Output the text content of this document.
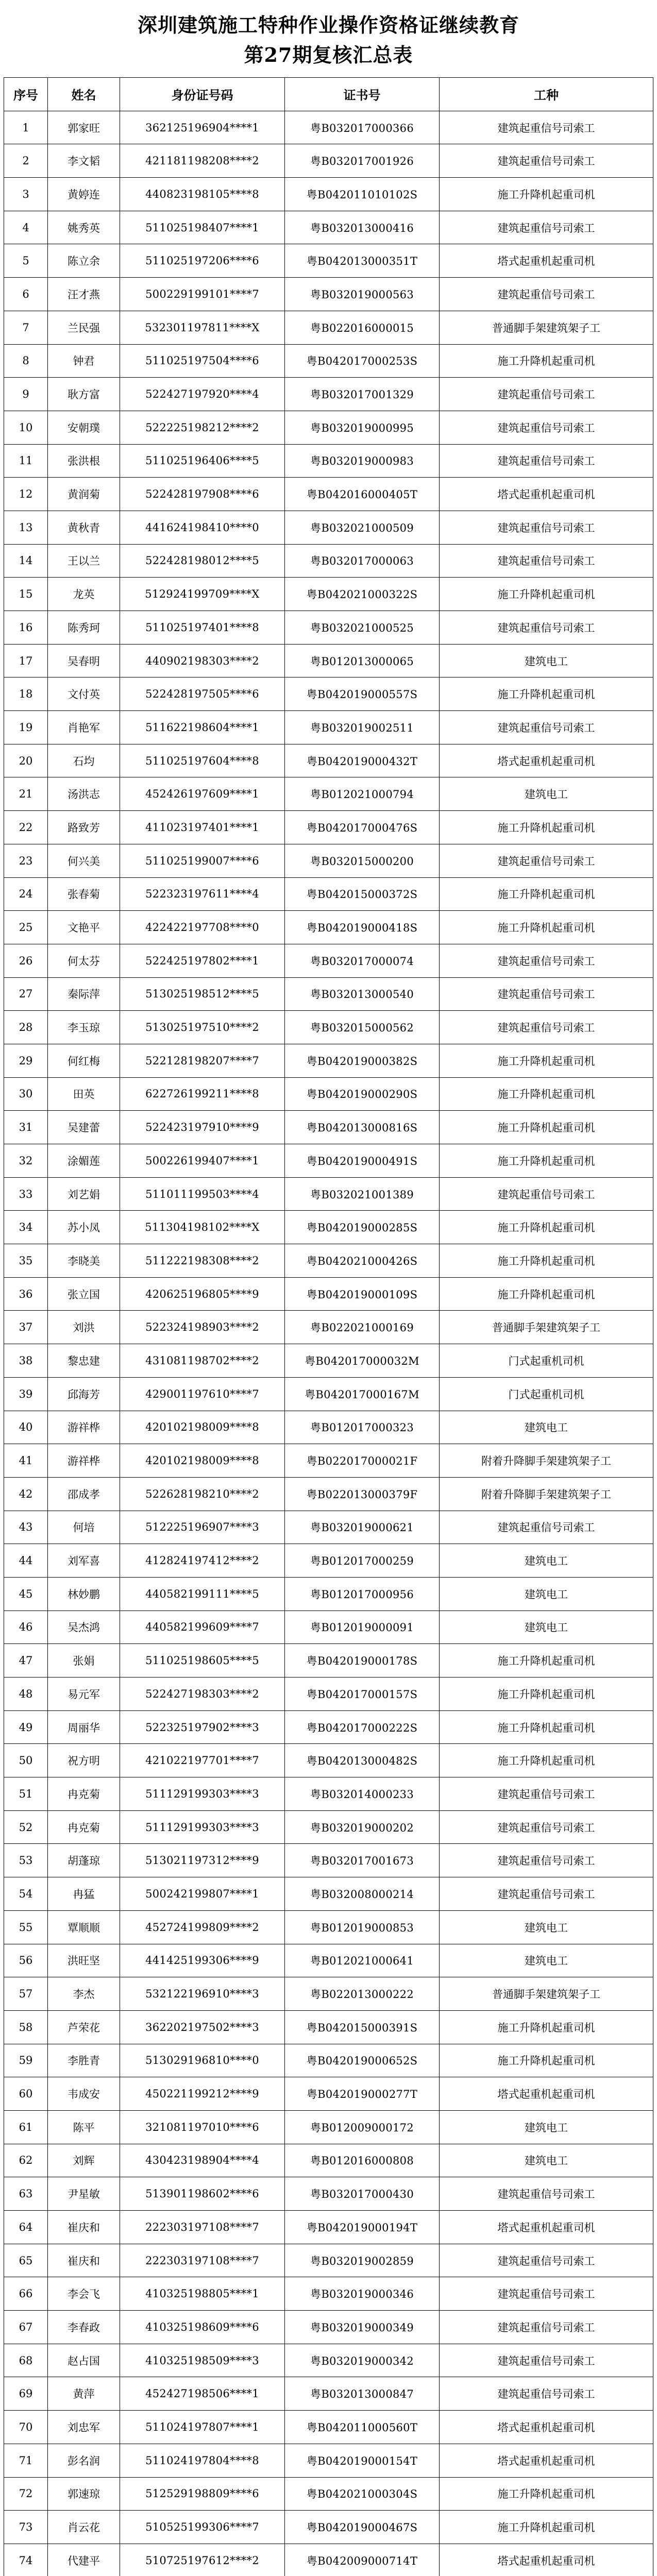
深圳建筑施工特种作业操作资格证继续教育
第27期复核汇总表
序号	姓名	身份证号码	证书号	工种
1	郭家旺	362125196904****1	粤B032017000366	建筑起重信号司索工
2	李文韬	421181198208****2	粤B032017001926	建筑起重信号司索工
3	黄婷连	440823198105****8	粤B042011010102S	施工升降机起重司机
4	姚秀英	511025198407****1	粤B032013000416	建筑起重信号司索工
5	陈立余	511025197206****6	粤B042013000351T	塔式起重机起重司机
6	汪才燕	500229199101****7	粤B032019000563	建筑起重信号司索工
7	兰民强	532301197811****X	粤B022016000015	普通脚手架建筑架子工
8	钟君	511025197504****6	粤B042017000253S	施工升降机起重司机
9	耿方富	522427197920****4	粤B032017001329	建筑起重信号司索工
10	安朝璞	522225198212****2	粤B032019000995	建筑起重信号司索工
11	张洪根	511025196406****5	粤B032019000983	建筑起重信号司索工
12	黄润菊	522428197908****6	粤B042016000405T	塔式起重机起重司机
13	黄秋青	441624198410****0	粤B032021000509	建筑起重信号司索工
14	王以兰	522428198012****5	粤B032017000063	建筑起重信号司索工
15	龙英	512924199709****X	粤B042021000322S	施工升降机起重司机
16	陈秀珂	511025197401****8	粤B032021000525	建筑起重信号司索工
17	吴春明	440902198303****2	粤B012013000065	建筑电工
18	文付英	522428197505****6	粤B042019000557S	施工升降机起重司机
19	肖艳军	511622198604****1	粤B032019002511	建筑起重信号司索工
20	石均	511025197604****8	粤B042019000432T	塔式起重机起重司机
21	汤洪志	452426197609****1	粤B012021000794	建筑电工
22	路致芳	411023197401****1	粤B042017000476S	施工升降机起重司机
23	何兴美	511025199007****6	粤B032015000200	建筑起重信号司索工
24	张春菊	522323197611****4	粤B042015000372S	施工升降机起重司机
25	文艳平	422422197708****0	粤B042019000418S	施工升降机起重司机
26	何太芬	522425197802****1	粤B032017000074	建筑起重信号司索工
27	秦际萍	513025198512****5	粤B032013000540	建筑起重信号司索工
28	李玉琼	513025197510****2	粤B032015000562	建筑起重信号司索工
29	何红梅	522128198207****7	粤B042019000382S	施工升降机起重司机
30	田英	622726199211****8	粤B042019000290S	施工升降机起重司机
31	吴建蕾	522423197910****9	粤B042013000816S	施工升降机起重司机
32	涂媚莲	500226199407****1	粤B042019000491S	施工升降机起重司机
33	刘艺娟	511011199503****4	粤B032021001389	建筑起重信号司索工
34	苏小凤	511304198102****X	粤B042019000285S	施工升降机起重司机
35	李晓美	511222198308****2	粤B042021000426S	施工升降机起重司机
36	张立国	420625196805****9	粤B042019000109S	施工升降机起重司机
37	刘洪	522324198903****2	粤B022021000169	普通脚手架建筑架子工
38	黎忠建	431081198702****2	粤B042017000032M	门式起重机司机
39	邱海芳	429001197610****7	粤B042017000167M	门式起重机司机
40	游祥桦	420102198009****8	粤B012017000323	建筑电工
41	游祥桦	420102198009****8	粤B022017000021F	附着升降脚手架建筑架子工
42	邵成孝	522628198210****2	粤B022013000379F	附着升降脚手架建筑架子工
43	何培	512225196907****3	粤B032019000621	建筑起重信号司索工
44	刘军喜	412824197412****2	粤B012017000259	建筑电工
45	林妙鹏	440582199111****5	粤B012017000956	建筑电工
46	吴杰鸿	440582199609****7	粤B012019000091	建筑电工
47	张娟	511025198605****5	粤B042019000178S	施工升降机起重司机
48	易元军	522427198303****2	粤B042017000157S	施工升降机起重司机
49	周丽华	522325197902****3	粤B042017000222S	施工升降机起重司机
50	祝方明	421022197701****7	粤B042013000482S	施工升降机起重司机
51	冉克菊	511129199303****3	粤B032014000233	建筑起重信号司索工
52	冉克菊	511129199303****3	粤B032019000202	建筑起重信号司索工
53	胡蓬琼	513021197312****9	粤B032017001673	建筑起重信号司索工
54	冉猛	500242199807****1	粤B032008000214	建筑起重信号司索工
55	覃顺顺	452724199809****2	粤B012019000853	建筑电工
56	洪旺坚	441425199306****9	粤B012021000641	建筑电工
57	李杰	532122196910****3	粤B022013000222	普通脚手架建筑架子工
58	芦荣花	362202197502****3	粤B042015000391S	施工升降机起重司机
59	李胜青	513029196810****0	粤B042019000652S	施工升降机起重司机
60	韦成安	450221199212****9	粤B042019000277T	塔式起重机起重司机
61	陈平	321081197010****6	粤B012009000172	建筑电工
62	刘辉	430423198904****4	粤B012016000808	建筑电工
63	尹星敏	513901198602****6	粤B032017000430	建筑起重信号司索工
64	崔庆和	222303197108****7	粤B042019000194T	塔式起重机起重司机
65	崔庆和	222303197108****7	粤B032019002859	建筑起重信号司索工
66	李会飞	410325198805****1	粤B032019000346	建筑起重信号司索工
67	李春政	410325198609****6	粤B032019000349	建筑起重信号司索工
68	赵占国	410325198509****3	粤B032019000342	建筑起重信号司索工
69	黄萍	452427198506****1	粤B032013000847	建筑起重信号司索工
70	刘忠军	511024197807****1	粤B042011000560T	塔式起重机起重司机
71	彭名润	511024197804****8	粤B042019000154T	塔式起重机起重司机
72	郭速琼	512529198809****6	粤B042021000304S	施工升降机起重司机
73	肖云花	510525199306****7	粤B042019000467S	施工升降机起重司机
74	代建平	510725197612****2	粤B042009000714T	塔式起重机起重司机
